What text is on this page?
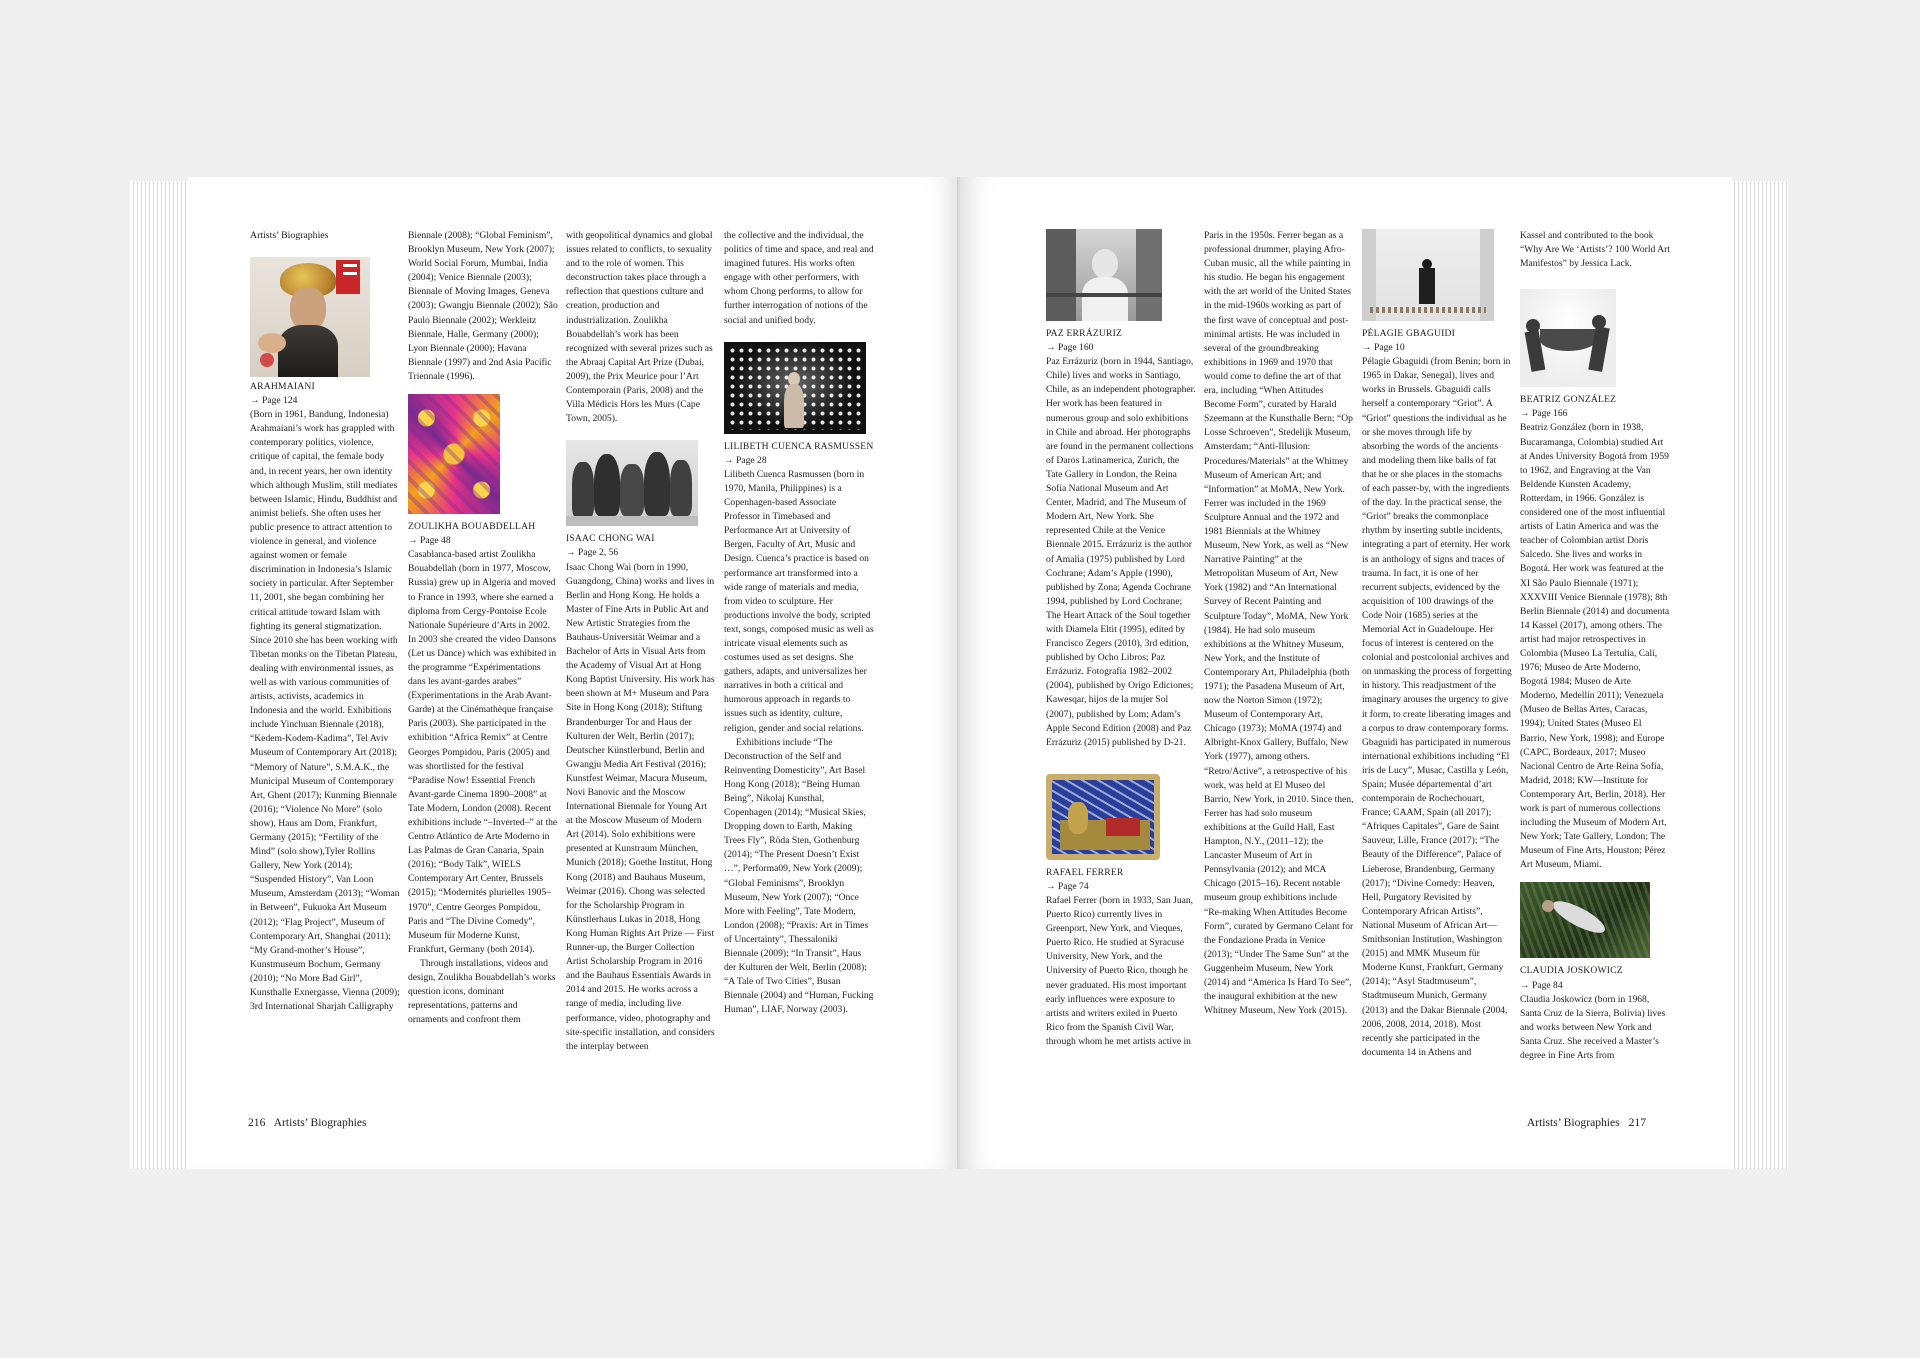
Artists’ Biographies
ARAHMAIANI
→ Page 124

(Born in 1961, Bandung, Indonesia) Arahmaiani’s work has grappled with contemporary politics, violence, critique of capital, the female body and, in recent years, her own identity which although Muslim, still mediates between Islamic, Hindu, Buddhist and animist beliefs. She often uses her public presence to attract attention to violence in general, and violence against women or female discrimination in Indonesia’s Islamic society in particular. After September 11, 2001, she began combining her critical attitude toward Islam with fighting its general stigmatization. Since 2010 she has been working with Tibetan monks on the Tibetan Plateau, dealing with environmental issues, as well as with various communities of artists, activists, academics in Indonesia and the world. Exhibitions include Yinchuan Biennale (2018), “Kedem-Kodem-Kadima”, Tel Aviv Museum of Contemporary Art (2018); “Memory of Nature”, S.M.A.K., the Municipal Museum of Contemporary Art, Ghent (2017); Kunming Biennale (2016); “Violence No More” (solo show), Haus am Dom, Frankfurt, Germany (2015); “Fertility of the Mind” (solo show),Tyler Rollins Gallery, New York (2014); “Suspended History”, Van Loon Museum, Amsterdam (2013); “Woman in Between”, Fukuoka Art Museum (2012); “Flag Project”, Museum of Contemporary Art, Shanghai (2011); “My Grand-mother’s House”, Kunstmuseum Bochum, Germany (2010); “No More Bad Girl”, Kunsthalle Exnergasse, Vienna (2009); 3rd International Sharjah Calligraphy

Biennale (2008); “Global Feminism”, Brooklyn Museum, New York (2007); World Social Forum, Mumbai, India (2004); Venice Biennale (2003); Biennale of Moving Images, Geneva (2003); Gwangju Biennale (2002); São Paulo Biennale (2002); Werkleitz Biennale, Halle, Germany (2000); Lyon Biennale (2000); Havana Biennale (1997) and 2nd Asia Pacific Triennale (1996).

ZOULIKHA BOUABDELLAH
→ Page 48

Casablanca-based artist Zoulikha Bouabdellah (born in 1977, Moscow, Russia) grew up in Algeria and moved to France in 1993, where she earned a diploma from Cergy-Pontoise Ecole Nationale Supérieure d’Arts in 2002. In 2003 she created the video Dansons (Let us Dance) which was exhibited in the programme “Expérimentations dans les avant-gardes arabes” (Experimentations in the Arab Avant-Garde) at the Cinémathèque française Paris (2003). She participated in the exhibition “Africa Remix” at Centre Georges Pompidou, Paris (2005) and was shortlisted for the festival “Paradise Now! Essential French Avant-garde Cinema 1890–2008” at Tate Modern, London (2008). Recent exhibitions include “–Inverted–” at the Centro Atlántico de Arte Moderno in Las Palmas de Gran Canaria, Spain (2016); “Body Talk”, WIELS Contemporary Art Center, Brussels (2015); “Modernités plurielles 1905–1970”, Centre Georges Pompidou, Paris and “The Divine Comedy”, Museum für Moderne Kunst, Frankfurt, Germany (both 2014).

Through installations, videos and design, Zoulikha Bouabdellah’s works question icons, dominant representations, patterns and ornaments and confront them

with geopolitical dynamics and global issues related to conflicts, to sexuality and to the role of women. This deconstruction takes place through a reflection that questions culture and creation, production and industrialization. Zoulikha Bouabdellah’s work has been recognized with several prizes such as the Abraaj Capital Art Prize (Dubai, 2009), the Prix Meurice pour l’Art Contemporain (Paris, 2008) and the Villa Médicis Hors les Murs (Cape Town, 2005).

ISAAC CHONG WAI
→ Page 2, 56

Isaac Chong Wai (born in 1990, Guangdong, China) works and lives in Berlin and Hong Kong. He holds a Master of Fine Arts in Public Art and New Artistic Strategies from the Bauhaus-Universität Weimar and a Bachelor of Arts in Visual Arts from the Academy of Visual Art at Hong Kong Baptist University. His work has been shown at M+ Museum and Para Site in Hong Kong (2018); Stiftung Brandenburger Tor and Haus der Kulturen der Welt, Berlin (2017); Deutscher Künstlerbund, Berlin and Gwangju Media Art Festival (2016); Kunstfest Weimar, Macura Museum, Novi Banovic and the Moscow International Biennale for Young Art at the Moscow Museum of Modern Art (2014). Solo exhibitions were presented at Kunstraum München, Munich (2018); Goethe Institut, Hong Kong (2018) and Bauhaus Museum, Weimar (2016). Chong was selected for the Scholarship Program in Künstlerhaus Lukas in 2018, Hong Kong Human Rights Art Prize — First Runner-up, the Burger Collection Artist Scholarship Program in 2016 and the Bauhaus Essentials Awards in 2014 and 2015. He works across a range of media, including live performance, video, photography and site-specific installation, and considers the interplay between

the collective and the individual, the politics of time and space, and real and imagined futures. His works often engage with other performers, with whom Chong performs, to allow for further interrogation of notions of the social and unified body.

LILIBETH CUENCA RASMUSSEN
→ Page 28

Lilibeth Cuenca Rasmussen (born in 1970, Manila, Philippines) is a Copenhagen-based Associate Professor in Timebased and Performance Art at University of Bergen, Faculty of Art, Music and Design. Cuenca’s practice is based on performance art transformed into a wide range of materials and media, from video to sculpture. Her productions involve the body, scripted text, songs, composed music as well as intricate visual elements such as costumes used as set designs. She gathers, adapts, and universalizes her narratives in both a critical and humorous approach in regards to issues such as identity, culture, religion, gender and social relations.

Exhibitions include “The Deconstruction of the Self and Reinventing Domesticity”, Art Basel Hong Kong (2018); “Being Human Being”, Nikolaj Kunsthal, Copenhagen (2014); “Musical Skies, Dropping down to Earth, Making Trees Fly”, Röda Sten, Gothenburg (2014); “The Present Doesn’t Exist …”, Performa09, New York (2009); “Global Feminisms”, Brooklyn Museum, New York (2007); “Once More with Feeling”, Tate Modern, London (2008); “Praxis: Art in Times of Uncertainty”, Thessaloniki Biennale (2009); “In Transit”, Haus der Kulturen der Welt, Berlin (2008); “A Tale of Two Cities”, Busan Biennale (2004) and “Human, Fucking Human”, LIAF, Norway (2003).

216 Artists’ Biographies
PAZ ERRÁZURIZ
→ Page 160

Paz Errázuriz (born in 1944, Santiago, Chile) lives and works in Santiago, Chile, as an independent photographer. Her work has been featured in numerous group and solo exhibitions in Chile and abroad. Her photographs are found in the permanent collections of Daros Latinamerica, Zurich, the Tate Gallery in London, the Reina Sofía National Museum and Art Center, Madrid, and The Museum of Modern Art, New York. She represented Chile at the Venice Biennale 2015. Errázuriz is the author of Amalia (1975) published by Lord Cochrane; Adam’s Apple (1990), published by Zona; Agenda Cochrane 1994, published by Lord Cochrane; The Heart Attack of the Soul together with Diamela Eltit (1995), edited by Francisco Zegers (2010), 3rd edition, published by Ocho Libros; Paz Errázuriz. Fotografía 1982–2002 (2004), published by Origo Ediciones; Kawesqar, hijos de la mujer Sol (2007), published by Lom; Adam’s Apple Second Edition (2008) and Paz Errázuriz (2015) published by D-21.

RAFAEL FERRER
→ Page 74

Rafael Ferrer (born in 1933, San Juan, Puerto Rico) currently lives in Greenport, New York, and Vieques, Puerto Rico. He studied at Syracuse University, New York, and the University of Puerto Rico, though he never graduated. His most important early influences were exposure to artists and writers exiled in Puerto Rico from the Spanish Civil War, through whom he met artists active in

Paris in the 1950s. Ferrer began as a professional drummer, playing Afro-Cuban music, all the while painting in his studio. He began his engagement with the art world of the United States in the mid-1960s working as part of the first wave of conceptual and post-minimal artists. He was included in several of the groundbreaking exhibitions in 1969 and 1970 that would come to define the art of that era, including “When Attitudes Become Form”, curated by Harald Szeemann at the Kunsthalle Bern; “Op Losse Schroeven”, Stedelijk Museum, Amsterdam; “Anti-Illusion: Procedures/Materials” at the Whitney Museum of American Art; and “Information” at MoMA, New York. Ferrer was included in the 1969 Sculpture Annual and the 1972 and 1981 Biennials at the Whitney Museum, New York, as well as “New Narrative Painting” at the Metropolitan Museum of Art, New York (1982) and “An International Survey of Recent Painting and Sculpture Today”, MoMA, New York (1984). He had solo museum exhibitions at the Whitney Museum, New York, and the Institute of Contemporary Art, Philadelphia (both 1971); the Pasadena Museum of Art, now the Norton Simon (1972); Museum of Contemporary Art, Chicago (1973); MoMA (1974) and Albright-Knox Gallery, Buffalo, New York (1977), among others. “Retro/Active”, a retrospective of his work, was held at El Museo del Barrio, New York, in 2010. Since then, Ferrer has had solo museum exhibitions at the Guild Hall, East Hampton, N.Y., (2011–12); the Lancaster Museum of Art in Pennsylvania (2012); and MCA Chicago (2015–16). Recent notable museum group exhibitions include “Re-making When Attitudes Become Form”, curated by Germano Celant for the Fondazione Prada in Venice (2013); “Under The Same Sun” at the Guggenheim Museum, New York (2014) and “America Is Hard To See”, the inaugural exhibition at the new Whitney Museum, New York (2015).

PÉLAGIE GBAGUIDI
→ Page 10

Pélagie Gbaguidi (from Benin; born in 1965 in Dakar, Senegal), lives and works in Brussels. Gbaguidi calls herself a contemporary “Griot”. A “Griot” questions the individual as he or she moves through life by absorbing the words of the ancients and modeling them like balls of fat that he or she places in the stomachs of each passer-by, with the ingredients of the day. In the practical sense, the “Griot” breaks the commonplace rhythm by inserting subtle incidents, integrating a part of eternity. Her work is an anthology of signs and traces of trauma. In fact, it is one of her recurrent subjects, evidenced by the acquisition of 100 drawings of the Code Noir (1685) series at the Memorial Act in Guadeloupe. Her focus of interest is centered on the colonial and postcolonial archives and on unmasking the process of forgetting in history. This readjustment of the imaginary arouses the urgency to give it form, to create liberating images and a corpus to draw contemporary forms. Gbaguidi has participated in numerous international exhibitions including “El iris de Lucy”, Musac, Castilla y León, Spain; Musée départemental d’art contemporain de Rochechouart, France; CAAM, Spain (all 2017); “Afriques Capitales”, Gare de Saint Sauveur, Lille, France (2017); “The Beauty of the Difference”, Palace of Lieberose, Brandenburg, Germany (2017); “Divine Comedy: Heaven, Hell, Purgatory Revisited by Contemporary African Artists”, National Museum of African Art—Smithsonian Institution, Washington (2015) and MMK Museum für Moderne Kunst, Frankfurt, Germany (2014); “Asyl Stadtmuseum”, Stadtmuseum Munich, Germany (2013) and the Dakar Biennale (2004, 2006, 2008, 2014, 2018). Most recently she participated in the documenta 14 in Athens and

Kassel and contributed to the book “Why Are We ‘Artists’? 100 World Art Manifestos” by Jessica Lack.

BEATRIZ GONZÁLEZ
→ Page 166

Beatriz González (born in 1938, Bucaramanga, Colombia) studied Art at Andes University Bogotá from 1959 to 1962, and Engraving at the Van Beldende Kunsten Academy, Rotterdam, in 1966. González is considered one of the most influential artists of Latin America and was the teacher of Colombian artist Doris Salcedo. She lives and works in Bogotá. Her work was featured at the XI São Paulo Biennale (1971); XXXVIII Venice Biennale (1978); 8th Berlin Biennale (2014) and documenta 14 Kassel (2017), among others. The artist had major retrospectives in Colombia (Museo La Tertulia, Cali, 1976; Museo de Arte Moderno, Bogotá 1984; Museo de Arte Moderno, Medellín 2011); Venezuela (Museo de Bellas Artes, Caracas, 1994); United States (Museo El Barrio, New York, 1998); and Europe (CAPC, Bordeaux, 2017; Museo Nacional Centro de Arte Reina Sofía, Madrid, 2018; KW—Institute for Contemporary Art, Berlin, 2018). Her work is part of numerous collections including the Museum of Modern Art, New York; Tate Gallery, London; The Museum of Fine Arts, Houston; Pérez Art Museum, Miami.

CLAUDIA JOSKOWICZ
→ Page 84

Claudia Joskowicz (born in 1968, Santa Cruz de la Sierra, Bolivia) lives and works between New York and Santa Cruz. She received a Master’s degree in Fine Arts from

Artists’ Biographies 217
